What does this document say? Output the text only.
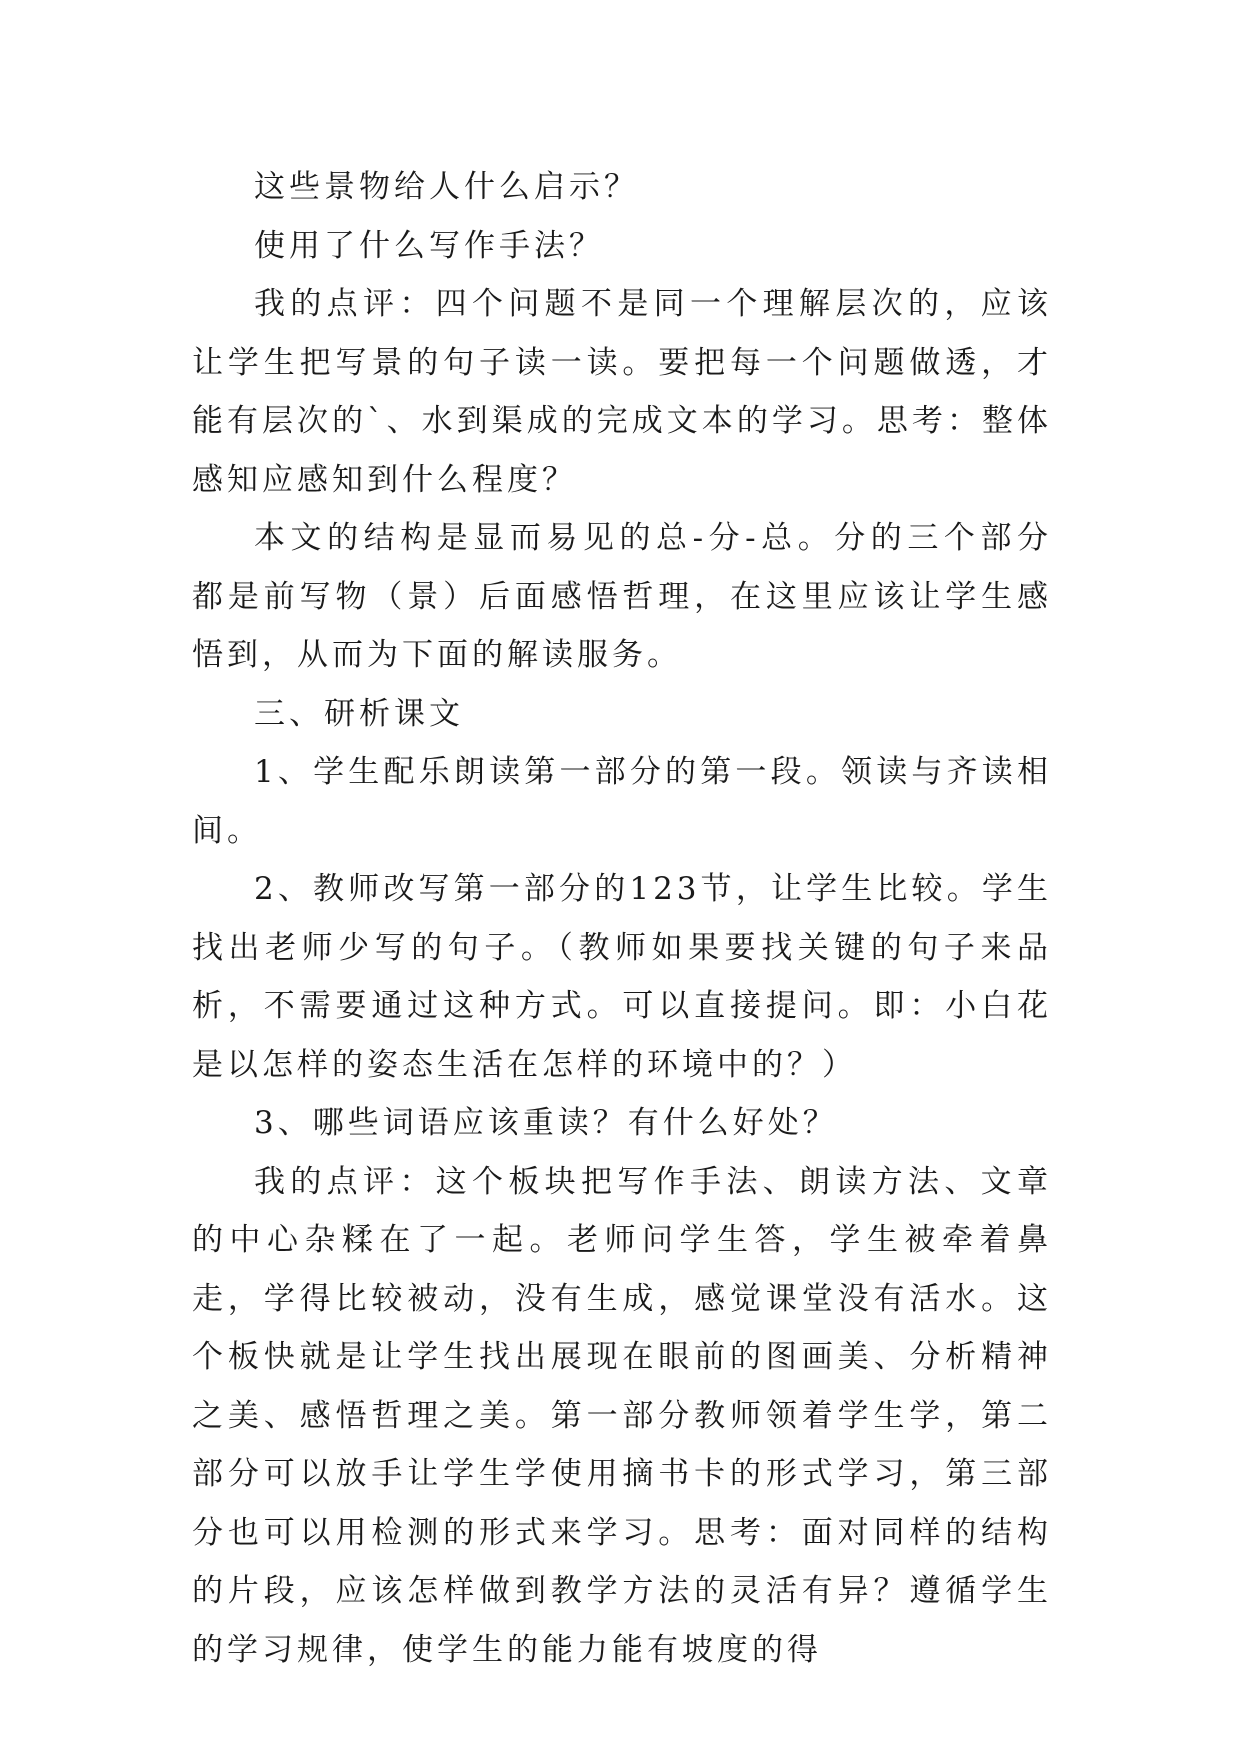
这些景物给人什么启示？

使用了什么写作手法？

我的点评：四个问题不是同一个理解层次的，应该让学生把写景的句子读一读。要把每一个问题做透，才能有层次的`、水到渠成的完成文本的学习。思考：整体感知应感知到什么程度？

本文的结构是显而易见的总-分-总。分的三个部分都是前写物（景）后面感悟哲理，在这里应该让学生感悟到，从而为下面的解读服务。

三、研析课文

1、学生配乐朗读第一部分的第一段。领读与齐读相间。

2、教师改写第一部分的123节，让学生比较。学生找出老师少写的句子。（教师如果要找关键的句子来品析，不需要通过这种方式。可以直接提问。即：小白花是以怎样的姿态生活在怎样的环境中的？）

3、哪些词语应该重读？有什么好处？

我的点评：这个板块把写作手法、朗读方法、文章的中心杂糅在了一起。老师问学生答，学生被牵着鼻走，学得比较被动，没有生成，感觉课堂没有活水。这个板快就是让学生找出展现在眼前的图画美、分析精神之美、感悟哲理之美。第一部分教师领着学生学，第二部分可以放手让学生学使用摘书卡的形式学习，第三部分也可以用检测的形式来学习。思考：面对同样的结构的片段，应该怎样做到教学方法的灵活有异？遵循学生的学习规律，使学生的能力能有坡度的得
